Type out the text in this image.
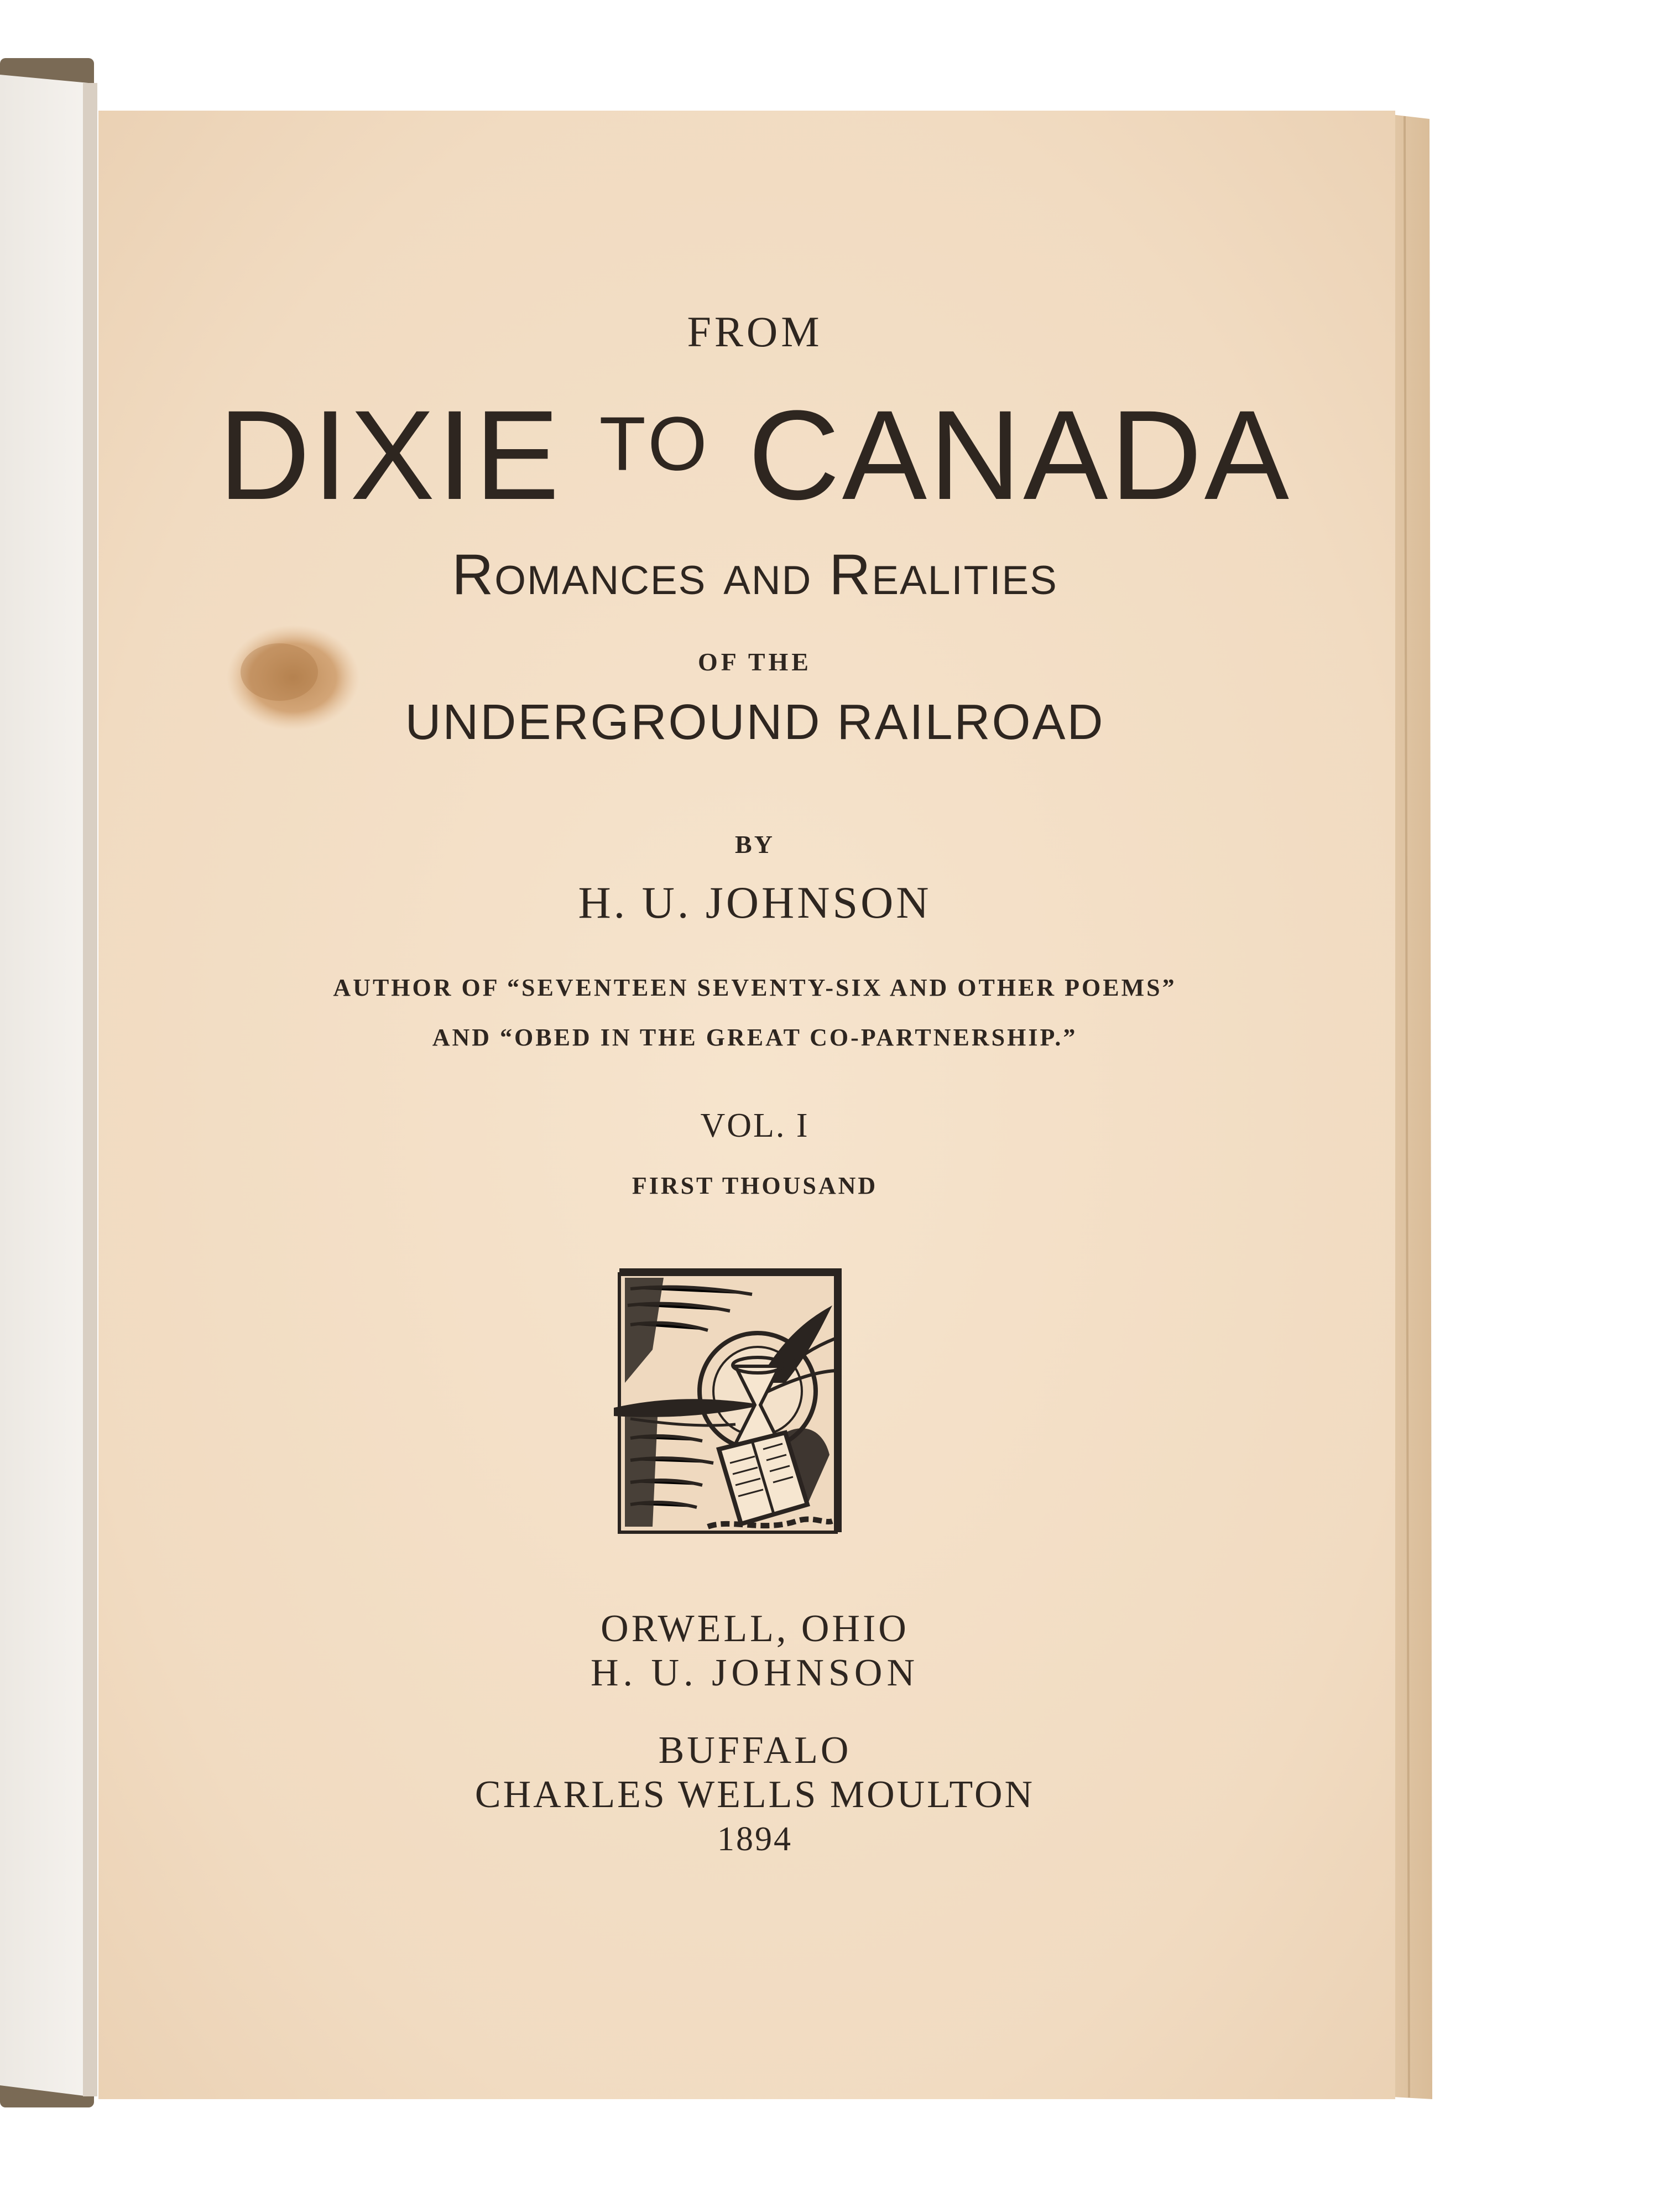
FROM
DIXIE $^{TO}$ CANADA
Romances and Realities
OF THE
UNDERGROUND RAILROAD
BY
H. U. JOHNSON
AUTHOR OF “SEVENTEEN SEVENTY-SIX AND OTHER POEMS”
AND “OBED IN THE GREAT CO-PARTNERSHIP.”
VOL. I
FIRST THOUSAND
ORWELL, OHIO
H. U. JOHNSON
BUFFALO
CHARLES WELLS MOULTON
1894
